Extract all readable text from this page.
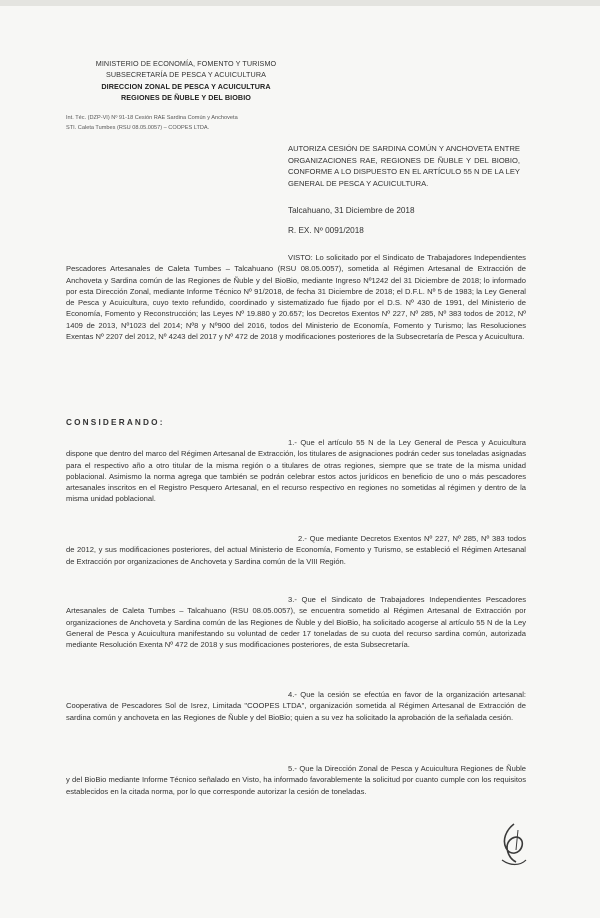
MINISTERIO DE ECONOMÍA, FOMENTO Y TURISMO
SUBSECRETARÍA DE PESCA Y ACUICULTURA
DIRECCION ZONAL DE PESCA Y ACUICULTURA
REGIONES DE ÑUBLE Y DEL BIOBIO
Int. Téc. (DZP-VI) Nº 91-18 Cesión RAE Sardina Común y Anchoveta
STI. Caleta Tumbes (RSU 08.05.0057) – COOPES LTDA.
AUTORIZA CESIÓN DE SARDINA COMÚN Y ANCHOVETA ENTRE ORGANIZACIONES RAE, REGIONES DE ÑUBLE Y DEL BIOBIO, CONFORME A LO DISPUESTO EN EL ARTÍCULO 55 N DE LA LEY GENERAL DE PESCA Y ACUICULTURA.
Talcahuano, 31 Diciembre de 2018
R. EX. Nº 0091/2018
VISTO: Lo solicitado por el Sindicato de Trabajadores Independientes Pescadores Artesanales de Caleta Tumbes – Talcahuano (RSU 08.05.0057), sometida al Régimen Artesanal de Extracción de Anchoveta y Sardina común de las Regiones de Ñuble y del BioBio, mediante Ingreso Nº1242 del 31 Diciembre de 2018; lo informado por esta Dirección Zonal, mediante Informe Técnico Nº 91/2018, de fecha 31 Diciembre de 2018; el D.F.L. Nº 5 de 1983; la Ley General de Pesca y Acuicultura, cuyo texto refundido, coordinado y sistematizado fue fijado por el D.S. Nº 430 de 1991, del Ministerio de Economía, Fomento y Reconstrucción; las Leyes Nº 19.880 y 20.657; los Decretos Exentos Nº 227, Nº 285, Nº 383 todos de 2012, Nº 1409 de 2013, Nº1023 del 2014; Nº8 y Nº900 del 2016, todos del Ministerio de Economía, Fomento y Turismo; las Resoluciones Exentas Nº 2207 del 2012, Nº 4243 del 2017 y Nº 472 de 2018 y modificaciones posteriores de la Subsecretaría de Pesca y Acuicultura.
CONSIDERANDO:
1.- Que el artículo 55 N de la Ley General de Pesca y Acuicultura dispone que dentro del marco del Régimen Artesanal de Extracción, los titulares de asignaciones podrán ceder sus toneladas asignadas para el respectivo año a otro titular de la misma región o a titulares de otras regiones, siempre que se trate de la misma unidad poblacional. Asimismo la norma agrega que también se podrán celebrar estos actos jurídicos en beneficio de uno o más pescadores artesanales inscritos en el Registro Pesquero Artesanal, en el recurso respectivo en regiones no sometidas al régimen y dentro de la misma unidad poblacional.
2.- Que mediante Decretos Exentos Nº 227, Nº 285, Nº 383 todos de 2012, y sus modificaciones posteriores, del actual Ministerio de Economía, Fomento y Turismo, se estableció el Régimen Artesanal de Extracción por organizaciones de Anchoveta y Sardina común de la VIII Región.
3.- Que el Sindicato de Trabajadores Independientes Pescadores Artesanales de Caleta Tumbes – Talcahuano (RSU 08.05.0057), se encuentra sometido al Régimen Artesanal de Extracción por organizaciones de Anchoveta y Sardina común de las Regiones de Ñuble y del BioBio, ha solicitado acogerse al artículo 55 N de la Ley General de Pesca y Acuicultura manifestando su voluntad de ceder 17 toneladas de su cuota del recurso sardina común, autorizada mediante Resolución Exenta Nº 472 de 2018 y sus modificaciones posteriores, de esta Subsecretaría.
4.- Que la cesión se efectúa en favor de la organización artesanal: Cooperativa de Pescadores Sol de Isrez, Limitada "COOPES LTDA", organización sometida al Régimen Artesanal de Extracción de sardina común y anchoveta en las Regiones de Ñuble y del BioBio; quien a su vez ha solicitado la aprobación de la señalada cesión.
5.- Que la Dirección Zonal de Pesca y Acuicultura Regiones de Ñuble y del BioBio mediante Informe Técnico señalado en Visto, ha informado favorablemente la solicitud por cuanto cumple con los requisitos establecidos en la citada norma, por lo que corresponde autorizar la cesión de toneladas.
